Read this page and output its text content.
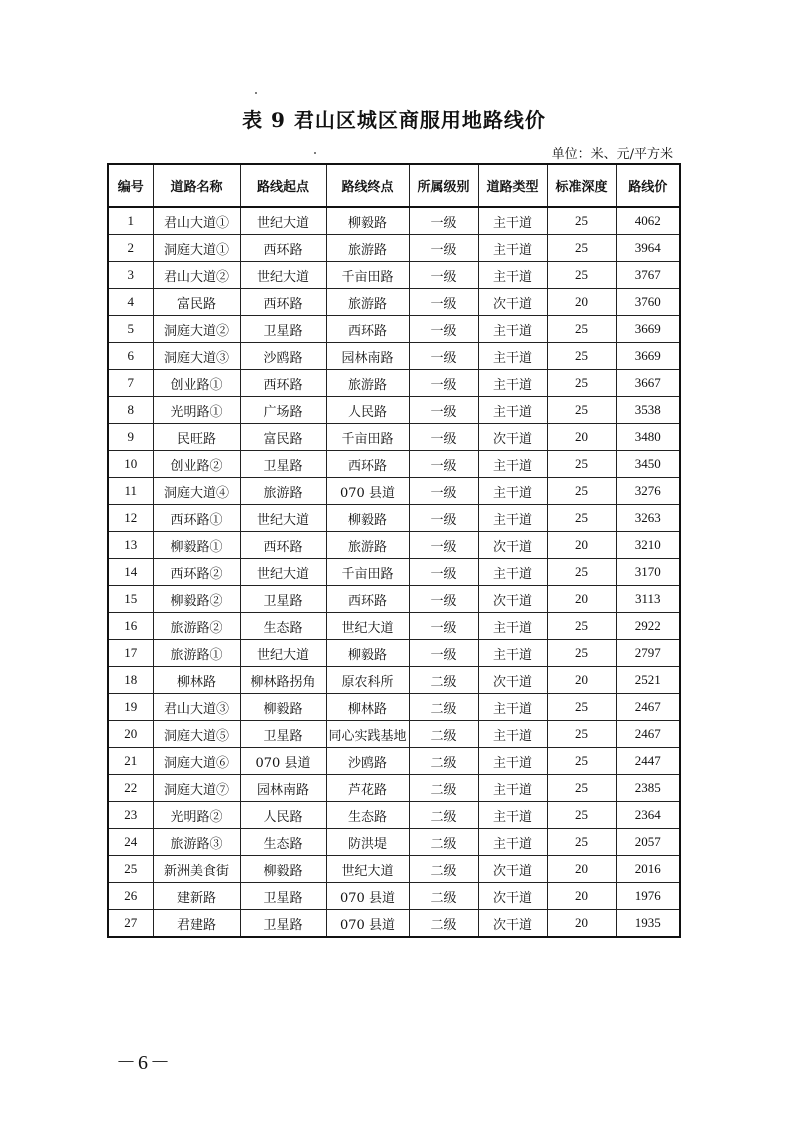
表 9 君山区城区商服用地路线价
单位：米、元/平方米
编号	道路名称	路线起点	路线终点	所属级别	道路类型	标准深度	路线价
1	君山大道①	世纪大道	柳毅路	一级	主干道	25	4062
2	洞庭大道①	西环路	旅游路	一级	主干道	25	3964
3	君山大道②	世纪大道	千亩田路	一级	主干道	25	3767
4	富民路	西环路	旅游路	一级	次干道	20	3760
5	洞庭大道②	卫星路	西环路	一级	主干道	25	3669
6	洞庭大道③	沙鸥路	园林南路	一级	主干道	25	3669
7	创业路①	西环路	旅游路	一级	主干道	25	3667
8	光明路①	广场路	人民路	一级	主干道	25	3538
9	民旺路	富民路	千亩田路	一级	次干道	20	3480
10	创业路②	卫星路	西环路	一级	主干道	25	3450
11	洞庭大道④	旅游路	070 县道	一级	主干道	25	3276
12	西环路①	世纪大道	柳毅路	一级	主干道	25	3263
13	柳毅路①	西环路	旅游路	一级	次干道	20	3210
14	西环路②	世纪大道	千亩田路	一级	主干道	25	3170
15	柳毅路②	卫星路	西环路	一级	次干道	20	3113
16	旅游路②	生态路	世纪大道	一级	主干道	25	2922
17	旅游路①	世纪大道	柳毅路	一级	主干道	25	2797
18	柳林路	柳林路拐角	原农科所	二级	次干道	20	2521
19	君山大道③	柳毅路	柳林路	二级	主干道	25	2467
20	洞庭大道⑤	卫星路	同心实践基地	二级	主干道	25	2467
21	洞庭大道⑥	070 县道	沙鸥路	二级	主干道	25	2447
22	洞庭大道⑦	园林南路	芦花路	二级	主干道	25	2385
23	光明路②	人民路	生态路	二级	主干道	25	2364
24	旅游路③	生态路	防洪堤	二级	主干道	25	2057
25	新洲美食街	柳毅路	世纪大道	二级	次干道	20	2016
26	建新路	卫星路	070 县道	二级	次干道	20	1976
27	君建路	卫星路	070 县道	二级	次干道	20	1935
－6－
